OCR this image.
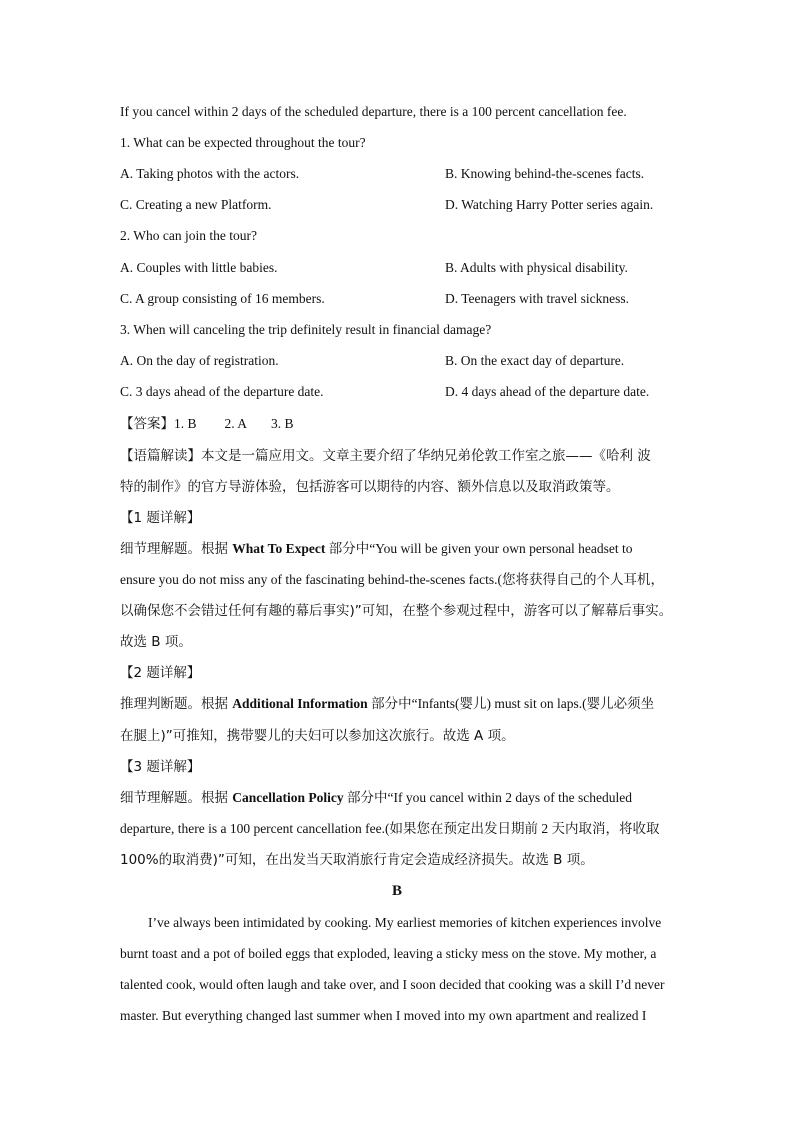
If you cancel within 2 days of the scheduled departure, there is a 100 percent cancellation fee.
1. What can be expected throughout the tour?
A. Taking photos with the actors.	B. Knowing behind-the-scenes facts.
C. Creating a new Platform.	D. Watching Harry Potter series again.
2. Who can join the tour?
A. Couples with little babies.	B. Adults with physical disability.
C. A group consisting of 16 members.	D. Teenagers with travel sickness.
3. When will canceling the trip definitely result in financial damage?
A. On the day of registration.	B. On the exact day of departure.
C. 3 days ahead of the departure date.	D. 4 days ahead of the departure date.
【答案】1. B 2. A 3. B
【语篇解读】本文是一篇应用文。文章主要介绍了华纳兄弟伦敦工作室之旅——《哈利 波
特的制作》的官方导游体验，包括游客可以期待的内容、额外信息以及取消政策等。
【1 题详解】
细节理解题。根据 What To Expect 部分中“You will be given your own personal headset to
ensure you do not miss any of the fascinating behind-the-scenes facts.(您将获得自己的个人耳机，
以确保您不会错过任何有趣的幕后事实)”可知，在整个参观过程中，游客可以了解幕后事实。
故选 B 项。
【2 题详解】
推理判断题。根据 Additional Information 部分中“Infants(婴儿) must sit on laps.(婴儿必须坐
在腿上)”可推知，携带婴儿的夫妇可以参加这次旅行。故选 A 项。
【3 题详解】
细节理解题。根据 Cancellation Policy 部分中“If you cancel within 2 days of the scheduled
departure, there is a 100 percent cancellation fee.(如果您在预定出发日期前 2 天内取消，将收取
100%的取消费)”可知，在出发当天取消旅行肯定会造成经济损失。故选 B 项。
B
I’ve always been intimidated by cooking. My earliest memories of kitchen experiences involve
burnt toast and a pot of boiled eggs that exploded, leaving a sticky mess on the stove. My mother, a
talented cook, would often laugh and take over, and I soon decided that cooking was a skill I’d never
master. But everything changed last summer when I moved into my own apartment and realized I
